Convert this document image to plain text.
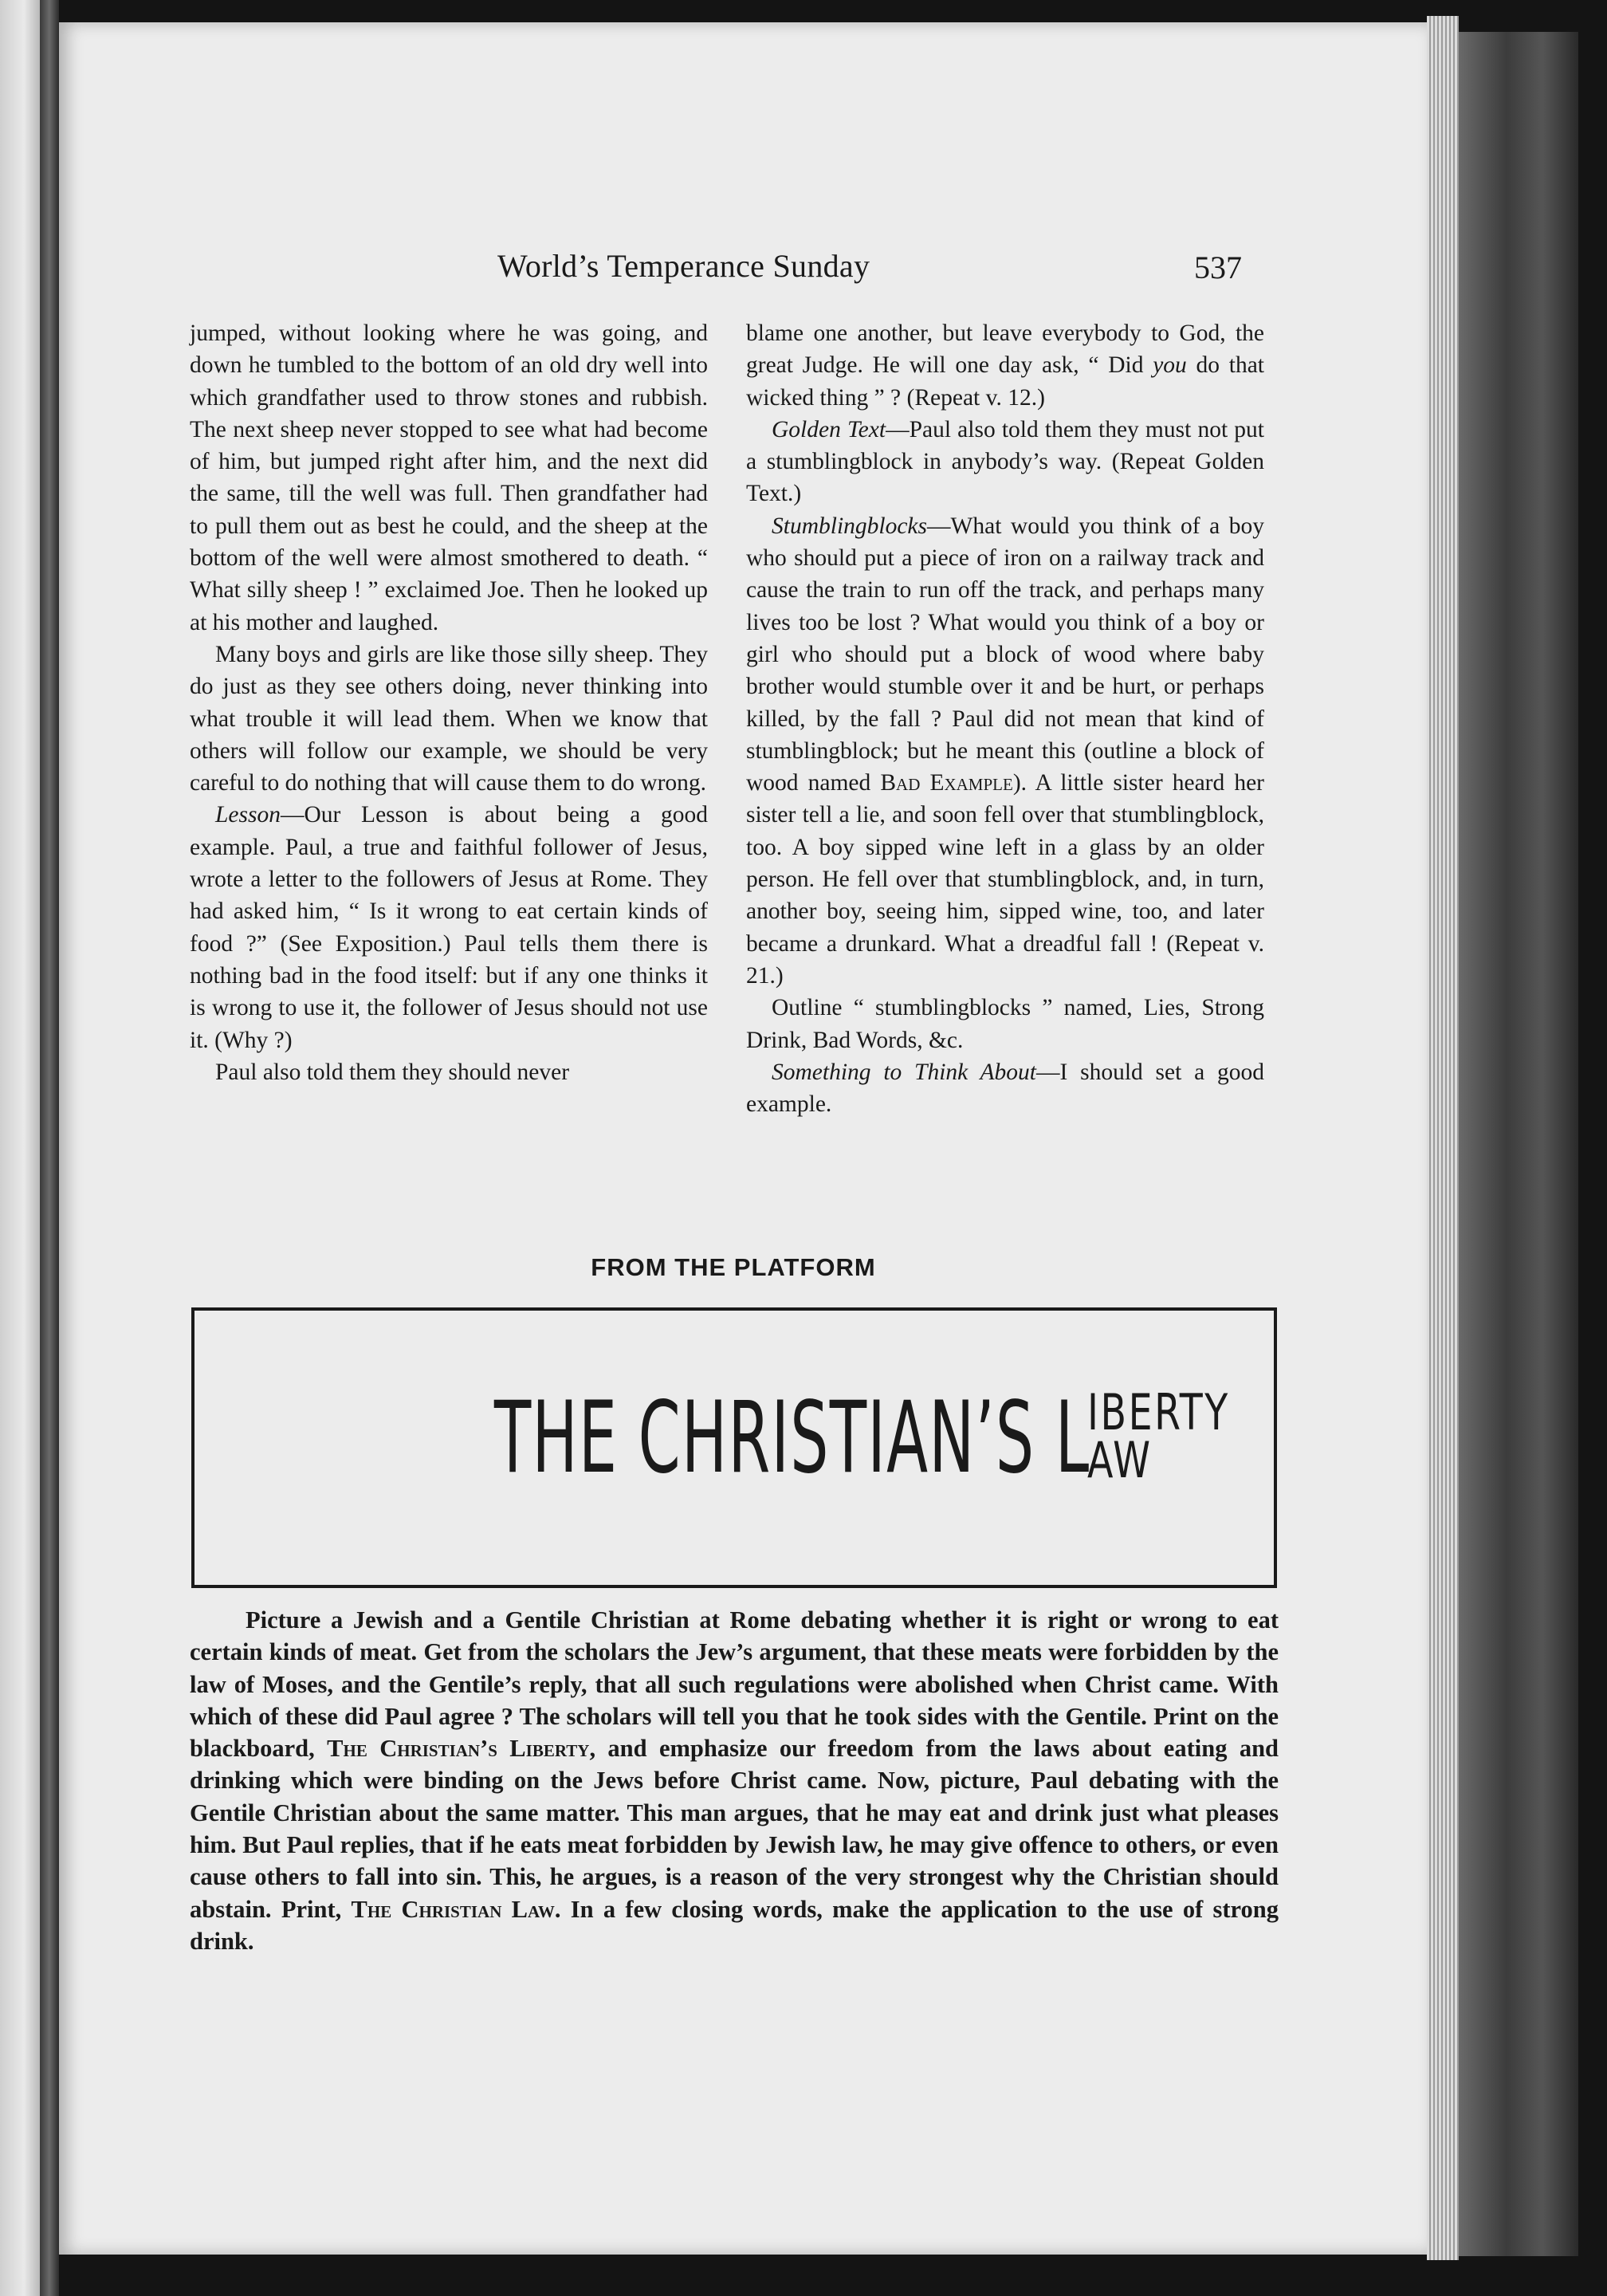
World’s Temperance Sunday	537

jumped, without looking where he was going, and down he tumbled to the bottom of an old dry well into which grandfather used to throw stones and rubbish. The next sheep never stopped to see what had become of him, but jumped right after him, and the next did the same, till the well was full. Then grandfather had to pull them out as best he could, and the sheep at the bottom of the well were almost smothered to death. “ What silly sheep ! ” exclaimed Joe. Then he looked up at his mother and laughed.

Many boys and girls are like those silly sheep. They do just as they see others doing, never thinking into what trouble it will lead them. When we know that others will follow our example, we should be very careful to do nothing that will cause them to do wrong.

Lesson—Our Lesson is about being a good example. Paul, a true and faithful follower of Jesus, wrote a letter to the followers of Jesus at Rome. They had asked him, “ Is it wrong to eat certain kinds of food ?” (See Exposition.) Paul tells them there is nothing bad in the food itself: but if any one thinks it is wrong to use it, the follower of Jesus should not use it. (Why ?)

Paul also told them they should never

blame one another, but leave everybody to God, the great Judge. He will one day ask, “ Did you do that wicked thing ” ? (Repeat v. 12.)

Golden Text—Paul also told them they must not put a stumblingblock in anybody’s way. (Repeat Golden Text.)

Stumblingblocks—What would you think of a boy who should put a piece of iron on a railway track and cause the train to run off the track, and perhaps many lives too be lost ? What would you think of a boy or girl who should put a block of wood where baby brother would stumble over it and be hurt, or perhaps killed, by the fall ? Paul did not mean that kind of stumblingblock; but he meant this (outline a block of wood named Bad Example). A little sister heard her sister tell a lie, and soon fell over that stumblingblock, too. A boy sipped wine left in a glass by an older person. He fell over that stumblingblock, and, in turn, another boy, seeing him, sipped wine, too, and later became a drunkard. What a dreadful fall ! (Repeat v. 21.)

Outline “ stumblingblocks ” named, Lies, Strong Drink, Bad Words, &c.

Something to Think About—I should set a good example.

FROM THE PLATFORM
THE CHRISTIAN’S L
IBERTY
AW

Picture a Jewish and a Gentile Christian at Rome debating whether it is right or wrong to eat certain kinds of meat. Get from the scholars the Jew’s argument, that these meats were forbidden by the law of Moses, and the Gentile’s reply, that all such regulations were abolished when Christ came. With which of these did Paul agree ? The scholars will tell you that he took sides with the Gentile. Print on the blackboard, The Christian’s Liberty, and emphasize our freedom from the laws about eating and drinking which were binding on the Jews before Christ came. Now, picture, Paul debating with the Gentile Christian about the same matter. This man argues, that he may eat and drink just what pleases him. But Paul replies, that if he eats meat forbidden by Jewish law, he may give offence to others, or even cause others to fall into sin. This, he argues, is a reason of the very strongest why the Christian should abstain. Print, The Christian Law. In a few closing words, make the application to the use of strong drink.
